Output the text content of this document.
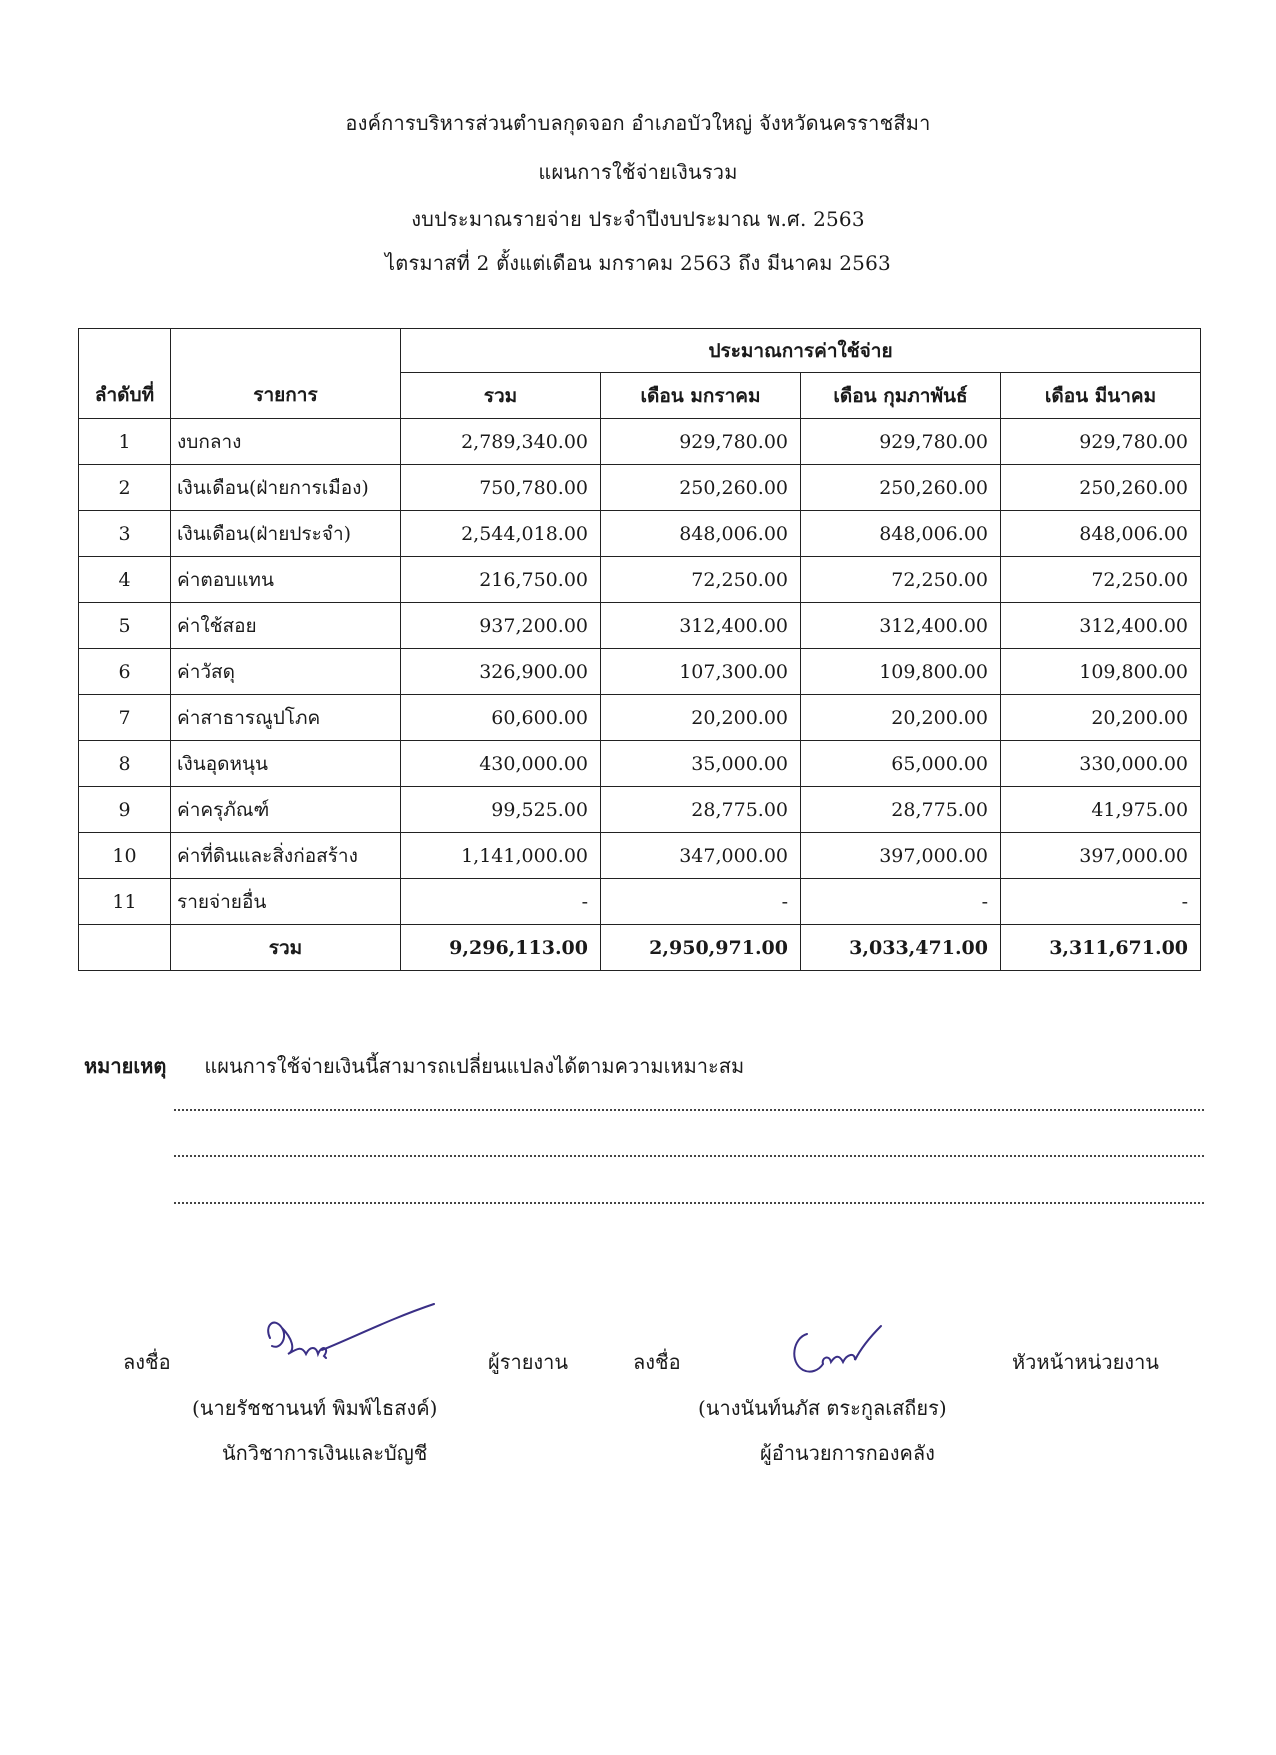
องค์การบริหารส่วนตำบลกุดจอก อำเภอบัวใหญ่ จังหวัดนครราชสีมา
แผนการใช้จ่ายเงินรวม
งบประมาณรายจ่าย ประจำปีงบประมาณ พ.ศ. 2563
ไตรมาสที่ 2 ตั้งแต่เดือน มกราคม 2563 ถึง มีนาคม 2563
ลำดับที่	รายการ	ประมาณการค่าใช้จ่าย			
		รวม	เดือน มกราคม	เดือน กุมภาพันธ์	เดือน มีนาคม
1	งบกลาง	2,789,340.00	929,780.00	929,780.00	929,780.00
2	เงินเดือน(ฝ่ายการเมือง)	750,780.00	250,260.00	250,260.00	250,260.00
3	เงินเดือน(ฝ่ายประจำ)	2,544,018.00	848,006.00	848,006.00	848,006.00
4	ค่าตอบแทน	216,750.00	72,250.00	72,250.00	72,250.00
5	ค่าใช้สอย	937,200.00	312,400.00	312,400.00	312,400.00
6	ค่าวัสดุ	326,900.00	107,300.00	109,800.00	109,800.00
7	ค่าสาธารณูปโภค	60,600.00	20,200.00	20,200.00	20,200.00
8	เงินอุดหนุน	430,000.00	35,000.00	65,000.00	330,000.00
9	ค่าครุภัณฑ์	99,525.00	28,775.00	28,775.00	41,975.00
10	ค่าที่ดินและสิ่งก่อสร้าง	1,141,000.00	347,000.00	397,000.00	397,000.00
11	รายจ่ายอื่น	-	-	-	-
	รวม	9,296,113.00	2,950,971.00	3,033,471.00	3,311,671.00
หมายเหตุ แผนการใช้จ่ายเงินนี้สามารถเปลี่ยนแปลงได้ตามความเหมาะสม
ลงชื่อ	ผู้รายงาน
(นายรัชชานนท์ พิมพ์ไธสงค์)
นักวิชาการเงินและบัญชี
ลงชื่อ	หัวหน้าหน่วยงาน
(นางนันท์นภัส ตระกูลเสถียร)
ผู้อำนวยการกองคลัง
